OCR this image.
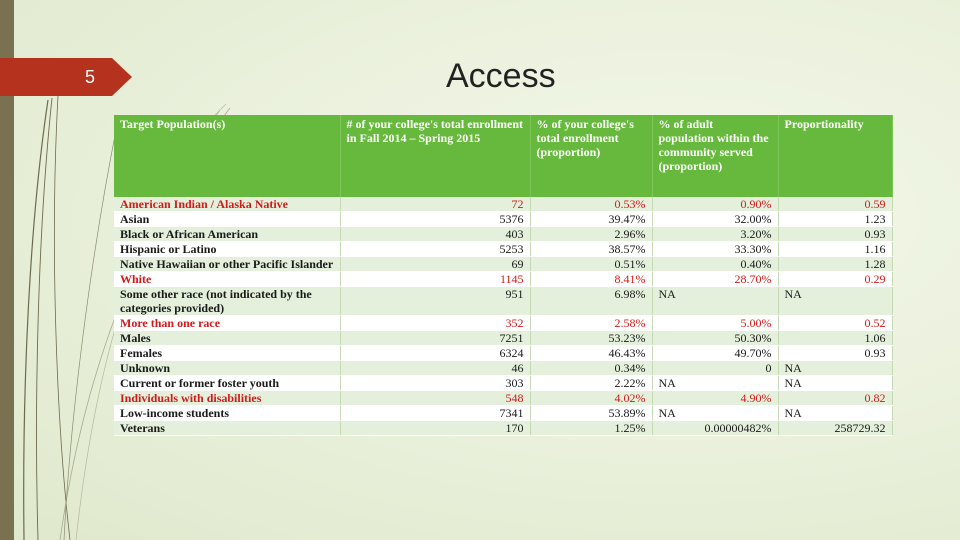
5	Access
Target Population(s)	# of your college's total enrollment in Fall 2014 – Spring 2015	% of your college's total enrollment (proportion)	% of adult population within the community served (proportion)	Proportionality
American Indian / Alaska Native	72	0.53%	0.90%	0.59
Asian	5376	39.47%	32.00%	1.23
Black or African American	403	2.96%	3.20%	0.93
Hispanic or Latino	5253	38.57%	33.30%	1.16
Native Hawaiian or other Pacific Islander	69	0.51%	0.40%	1.28
White	1145	8.41%	28.70%	0.29
Some other race (not indicated by the categories provided)	951	6.98%	NA	NA
More than one race	352	2.58%	5.00%	0.52
Males	7251	53.23%	50.30%	1.06
Females	6324	46.43%	49.70%	0.93
Unknown	46	0.34%	0	NA
Current or former foster youth	303	2.22%	NA	NA
Individuals with disabilities	548	4.02%	4.90%	0.82
Low-income students	7341	53.89%	NA	NA
Veterans	170	1.25%	0.00000482%	258729.32
